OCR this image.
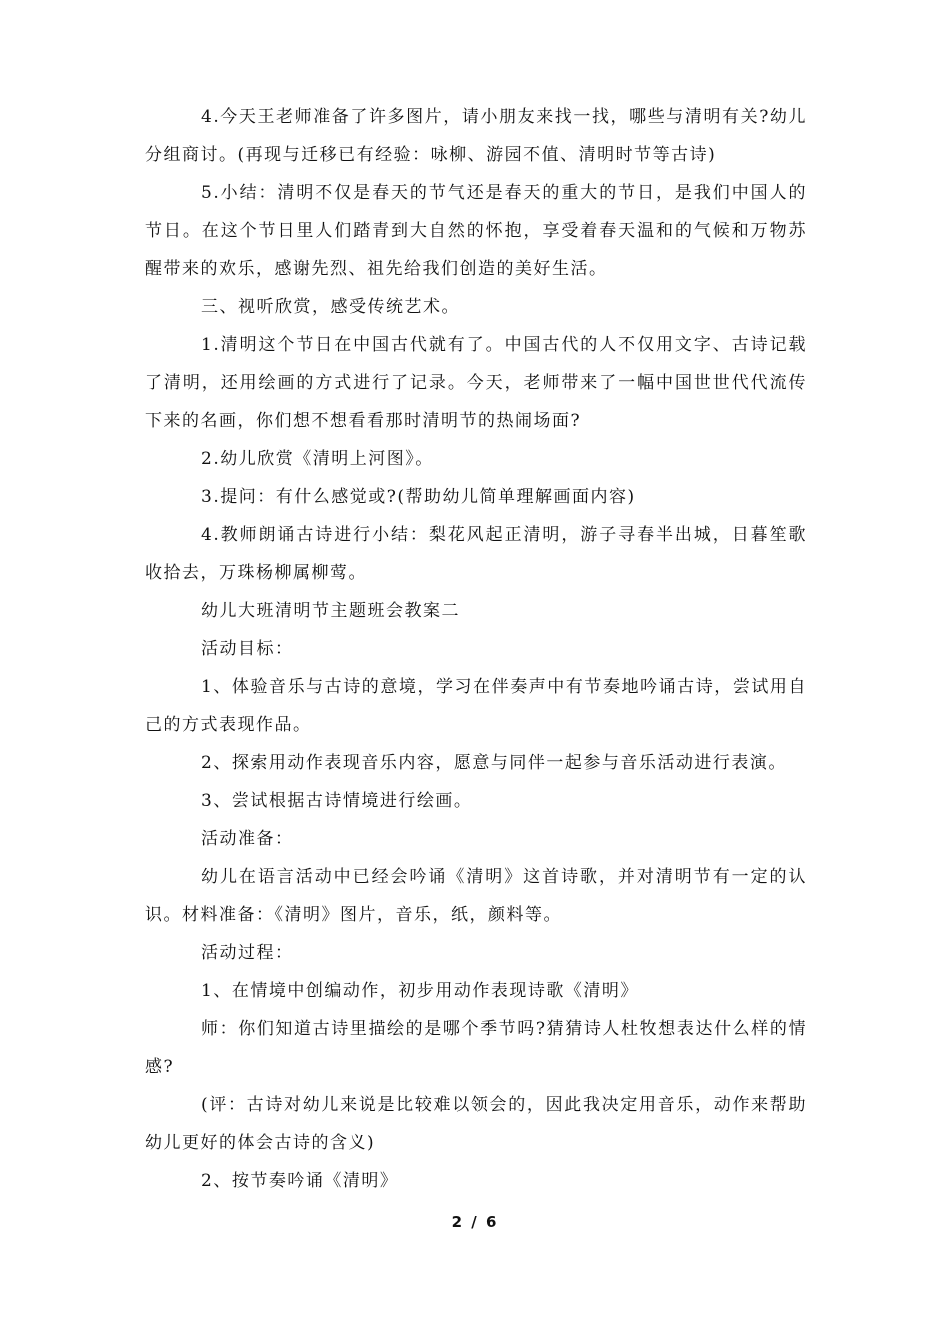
4.今天王老师准备了许多图片，请小朋友来找一找，哪些与清明有关?幼儿分组商讨。(再现与迁移已有经验：咏柳、游园不值、清明时节等古诗)

5.小结：清明不仅是春天的节气还是春天的重大的节日，是我们中国人的节日。在这个节日里人们踏青到大自然的怀抱，享受着春天温和的气候和万物苏醒带来的欢乐，感谢先烈、祖先给我们创造的美好生活。

三、视听欣赏，感受传统艺术。

1.清明这个节日在中国古代就有了。中国古代的人不仅用文字、古诗记载了清明，还用绘画的方式进行了记录。今天，老师带来了一幅中国世世代代流传下来的名画，你们想不想看看那时清明节的热闹场面?

2.幼儿欣赏《清明上河图》。

3.提问：有什么感觉或?(帮助幼儿简单理解画面内容)

4.教师朗诵古诗进行小结：梨花风起正清明，游子寻春半出城，日暮笙歌收拾去，万珠杨柳属柳莺。

幼儿大班清明节主题班会教案二

活动目标：

1、体验音乐与古诗的意境，学习在伴奏声中有节奏地吟诵古诗，尝试用自己的方式表现作品。

2、探索用动作表现音乐内容，愿意与同伴一起参与音乐活动进行表演。

3、尝试根据古诗情境进行绘画。

活动准备：

幼儿在语言活动中已经会吟诵《清明》这首诗歌，并对清明节有一定的认识。材料准备：《清明》图片，音乐，纸，颜料等。

活动过程：

1、在情境中创编动作，初步用动作表现诗歌《清明》

师：你们知道古诗里描绘的是哪个季节吗?猜猜诗人杜牧想表达什么样的情感?

(评：古诗对幼儿来说是比较难以领会的，因此我决定用音乐，动作来帮助幼儿更好的体会古诗的含义)

2、按节奏吟诵《清明》

2 / 6
